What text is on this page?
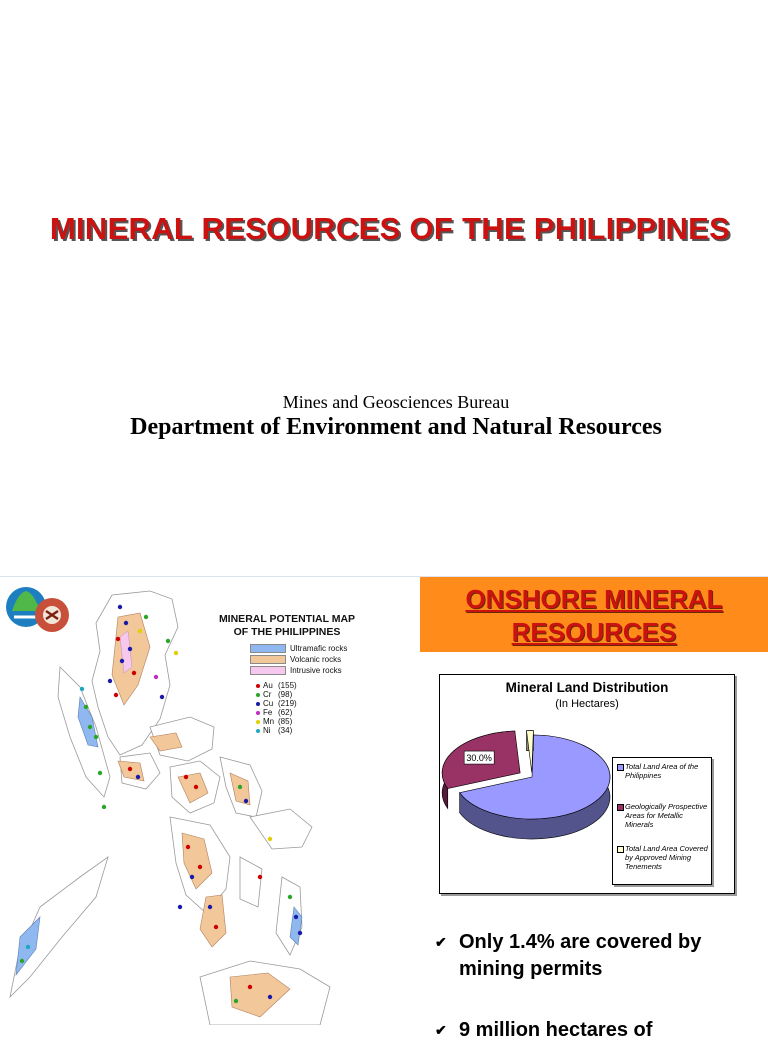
MINERAL RESOURCES OF THE PHILIPPINES
Mines and Geosciences Bureau
Department of Environment and Natural Resources
MINERAL POTENTIAL MAP
OF THE PHILIPPINES
Ultramafic rocks
Volcanic rocks
Intrusive rocks
Au (155)
Cr (98)
Cu (219)
Fe (62)
Mn (85)
Ni (34)
ONSHORE MINERAL
RESOURCES
Mineral Land Distribution
(In Hectares)
30.0%
Total Land Area of the Philippines
Geologically Prospective Areas for Metallic Minerals
Total Land Area Covered by Approved Mining Tenements
✔ Only 1.4% are covered by mining permits
✔ 9 million hectares of
